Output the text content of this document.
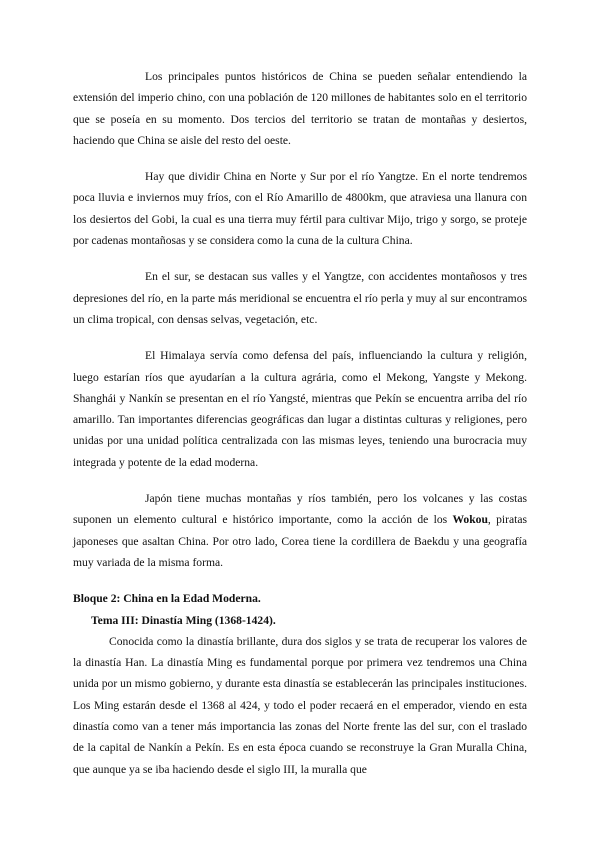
Los principales puntos históricos de China se pueden señalar entendiendo la extensión del imperio chino, con una población de 120 millones de habitantes solo en el territorio que se poseía en su momento. Dos tercios del territorio se tratan de montañas y desiertos, haciendo que China se aisle del resto del oeste.

Hay que dividir China en Norte y Sur por el río Yangtze. En el norte tendremos poca lluvia e inviernos muy fríos, con el Río Amarillo de 4800km, que atraviesa una llanura con los desiertos del Gobi, la cual es una tierra muy fértil para cultivar Mijo, trigo y sorgo, se proteje por cadenas montañosas y se considera como la cuna de la cultura China.

En el sur, se destacan sus valles y el Yangtze, con accidentes montañosos y tres depresiones del río, en la parte más meridional se encuentra el río perla y muy al sur encontramos un clima tropical, con densas selvas, vegetación, etc.

El Himalaya servía como defensa del país, influenciando la cultura y religión, luego estarían ríos que ayudarían a la cultura agrária, como el Mekong, Yangste y Mekong. Shanghái y Nankín se presentan en el río Yangsté, mientras que Pekín se encuentra arriba del río amarillo. Tan importantes diferencias geográficas dan lugar a distintas culturas y religiones, pero unidas por una unidad política centralizada con las mismas leyes, teniendo una burocracia muy integrada y potente de la edad moderna.

Japón tiene muchas montañas y ríos también, pero los volcanes y las costas suponen un elemento cultural e histórico importante, como la acción de los Wokou, piratas japoneses que asaltan China. Por otro lado, Corea tiene la cordillera de Baekdu y una geografía muy variada de la misma forma.

Bloque 2: China en la Edad Moderna.

Tema III: Dinastía Ming (1368-1424).

Conocida como la dinastía brillante, dura dos siglos y se trata de recuperar los valores de la dinastía Han. La dinastía Ming es fundamental porque por primera vez tendremos una China unida por un mismo gobierno, y durante esta dinastía se establecerán las principales instituciones. Los Ming estarán desde el 1368 al 424, y todo el poder recaerá en el emperador, viendo en esta dinastía como van a tener más importancia las zonas del Norte frente las del sur, con el traslado de la capital de Nankín a Pekín. Es en esta época cuando se reconstruye la Gran Muralla China, que aunque ya se iba haciendo desde el siglo III, la muralla que
